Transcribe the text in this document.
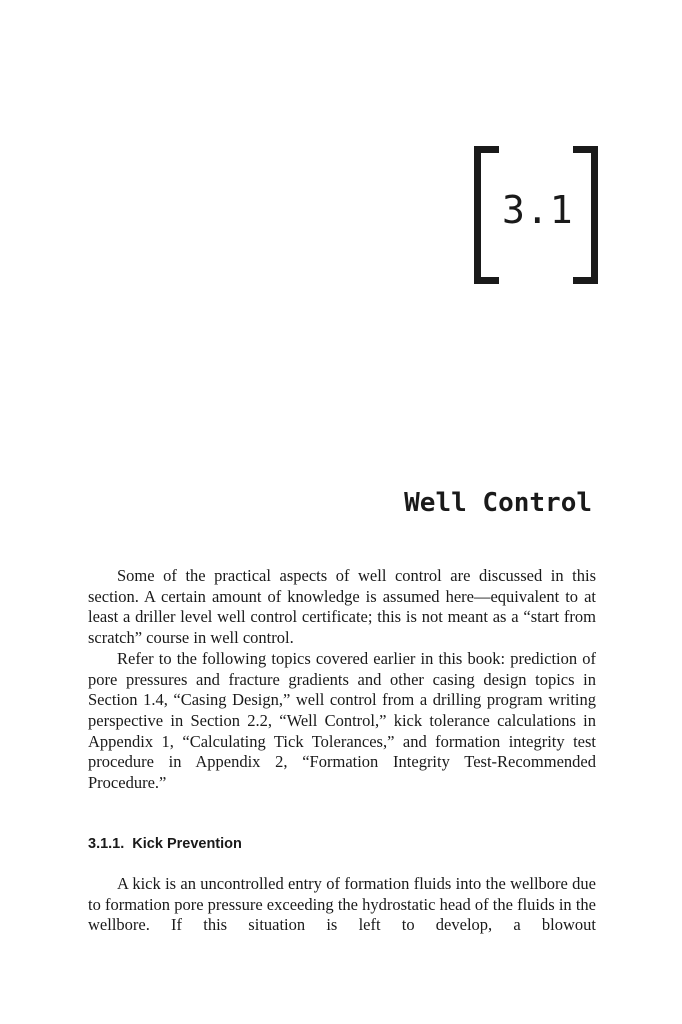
3.1
Well Control

Some of the practical aspects of well control are discussed in this section. A certain amount of knowledge is assumed here—equivalent to at least a driller level well control certificate; this is not meant as a “start from scratch” course in well control.

Refer to the following topics covered earlier in this book: prediction of pore pressures and fracture gradients and other casing design topics in Section 1.4, “Casing Design,” well control from a drilling program writing perspective in Section 2.2, “Well Control,” kick tolerance calculations in Appendix 1, “Calculating Tick Tolerances,” and formation integrity test procedure in Appendix 2, “Formation Integrity Test-Recommended Procedure.”

3.1.1. Kick Prevention

A kick is an uncontrolled entry of formation fluids into the wellbore due to formation pore pressure exceeding the hydrostatic head of the fluids in the wellbore. If this situation is left to develop, a blowout
